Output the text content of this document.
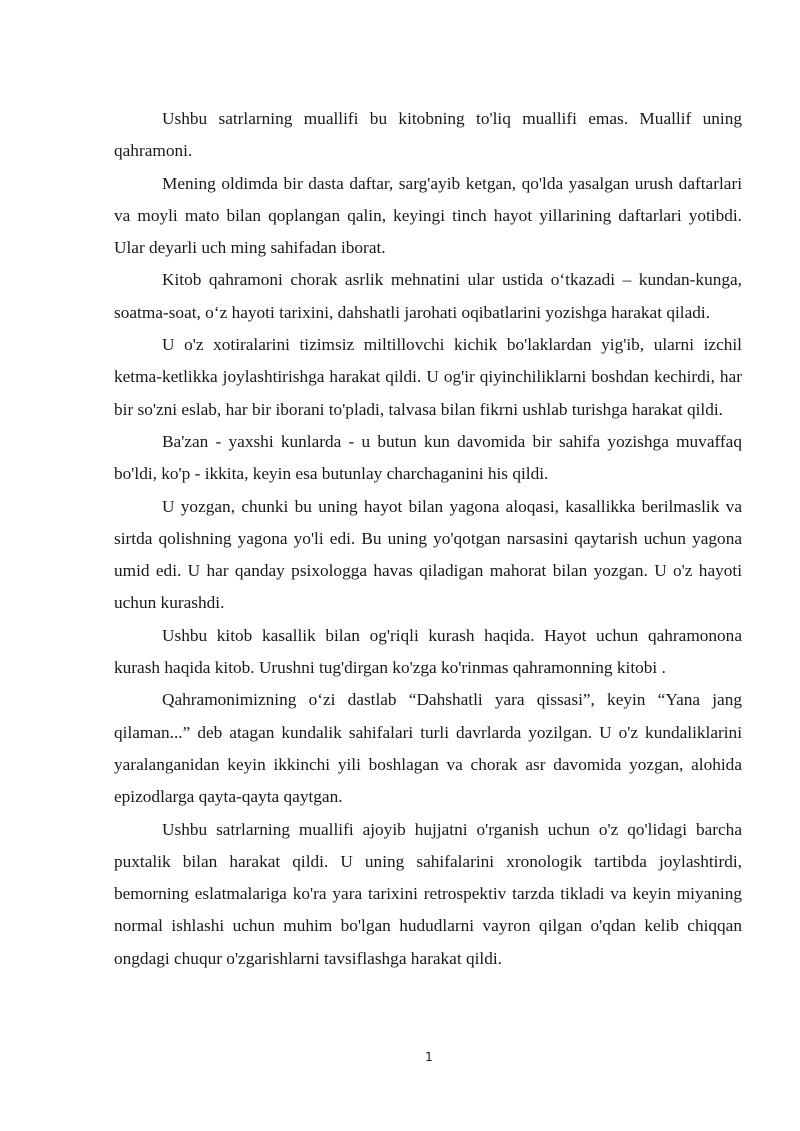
Ushbu satrlarning muallifi bu kitobning to'liq muallifi emas. Muallif uning qahramoni.

Mening oldimda bir dasta daftar, sarg'ayib ketgan, qo'lda yasalgan urush daftarlari va moyli mato bilan qoplangan qalin, keyingi tinch hayot yillarining daftarlari yotibdi. Ular deyarli uch ming sahifadan iborat.

Kitob qahramoni chorak asrlik mehnatini ular ustida o‘tkazadi – kundan-kunga, soatma-soat, o‘z hayoti tarixini, dahshatli jarohati oqibatlarini yozishga harakat qiladi.

U o'z xotiralarini tizimsiz miltillovchi kichik bo'laklardan yig'ib, ularni izchil ketma-ketlikka joylashtirishga harakat qildi. U og'ir qiyinchiliklarni boshdan kechirdi, har bir so'zni eslab, har bir iborani to'pladi, talvasa bilan fikrni ushlab turishga harakat qildi.

Ba'zan - yaxshi kunlarda - u butun kun davomida bir sahifa yozishga muvaffaq bo'ldi, ko'p - ikkita, keyin esa butunlay charchaganini his qildi.

U yozgan, chunki bu uning hayot bilan yagona aloqasi, kasallikka berilmaslik va sirtda qolishning yagona yo'li edi. Bu uning yo'qotgan narsasini qaytarish uchun yagona umid edi. U har qanday psixologga havas qiladigan mahorat bilan yozgan. U o'z hayoti uchun kurashdi.

Ushbu kitob kasallik bilan og'riqli kurash haqida. Hayot uchun qahramonona kurash haqida kitob. Urushni tug'dirgan ko'zga ko'rinmas qahramonning kitobi .

Qahramonimizning o‘zi dastlab “Dahshatli yara qissasi”, keyin “Yana jang qilaman...” deb atagan kundalik sahifalari turli davrlarda yozilgan. U o'z kundaliklarini yaralanganidan keyin ikkinchi yili boshlagan va chorak asr davomida yozgan, alohida epizodlarga qayta-qayta qaytgan.

Ushbu satrlarning muallifi ajoyib hujjatni o'rganish uchun o'z qo'lidagi barcha puxtalik bilan harakat qildi. U uning sahifalarini xronologik tartibda joylashtirdi, bemorning eslatmalariga ko'ra yara tarixini retrospektiv tarzda tikladi va keyin miyaning normal ishlashi uchun muhim bo'lgan hududlarni vayron qilgan o'qdan kelib chiqqan ongdagi chuqur o'zgarishlarni tavsiflashga harakat qildi.

1
